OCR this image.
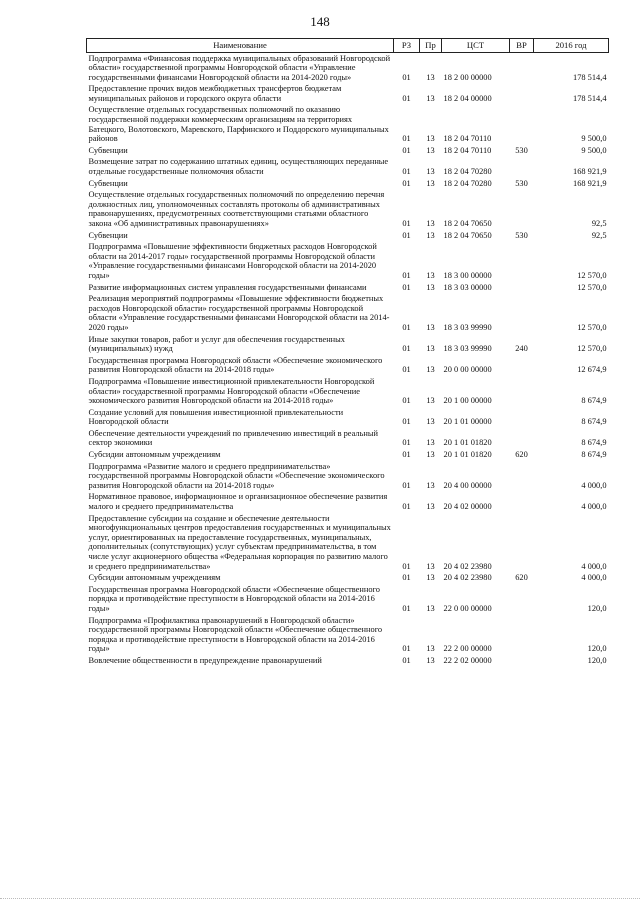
148
Наименование	РЗ	Пр	ЦСТ	ВР	2016 год
Подпрограмма «Финансовая поддержка муниципальных образований Новгородской области» государственной программы Новгородской области «Управление государственными финансами Новгородской области на 2014-2020 годы»	01	13	18 2 00 00000		178 514,4
Предоставление прочих видов межбюджетных трансфертов бюджетам муниципальных районов и городского округа области	01	13	18 2 04 00000		178 514,4
Осуществление отдельных государственных полномочий по оказанию государственной поддержки коммерческим организациям на территориях Батецкого, Волотовского, Маревского, Парфинского и Поддорского муниципальных районов	01	13	18 2 04 70110		9 500,0
Субвенции	01	13	18 2 04 70110	530	9 500,0
Возмещение затрат по содержанию штатных единиц, осуществляющих переданные отдельные государственные полномочия области	01	13	18 2 04 70280		168 921,9
Субвенции	01	13	18 2 04 70280	530	168 921,9
Осуществление отдельных государственных полномочий по определению перечня должностных лиц, уполномоченных составлять протоколы об административных правонарушениях, предусмотренных соответствующими статьями областного закона «Об административных правонарушениях»	01	13	18 2 04 70650		92,5
Субвенции	01	13	18 2 04 70650	530	92,5
Подпрограмма «Повышение эффективности бюджетных расходов Новгородской области на 2014-2017 годы» государственной программы Новгородской области «Управление государственными финансами Новгородской области на 2014-2020 годы»	01	13	18 3 00 00000		12 570,0
Развитие информационных систем управления государственными финансами	01	13	18 3 03 00000		12 570,0
Реализация мероприятий подпрограммы «Повышение эффективности бюджетных расходов Новгородской области» государственной программы Новгородской области «Управление государственными финансами Новгородской области на 2014-2020 годы»	01	13	18 3 03 99990		12 570,0
Иные закупки товаров, работ и услуг для обеспечения государственных (муниципальных) нужд	01	13	18 3 03 99990	240	12 570,0
Государственная программа Новгородской области «Обеспечение экономического развития Новгородской области на 2014-2018 годы»	01	13	20 0 00 00000		12 674,9
Подпрограмма «Повышение инвестиционной привлекательности Новгородской области» государственной программы Новгородской области «Обеспечение экономического развития Новгородской области на 2014-2018 годы»	01	13	20 1 00 00000		8 674,9
Создание условий для повышения инвестиционной привлекательности Новгородской области	01	13	20 1 01 00000		8 674,9
Обеспечение деятельности учреждений по привлечению инвестиций в реальный сектор экономики	01	13	20 1 01 01820		8 674,9
Субсидии автономным учреждениям	01	13	20 1 01 01820	620	8 674,9
Подпрограмма «Развитие малого и среднего предпринимательства» государственной программы Новгородской области «Обеспечение экономического развития Новгородской области на 2014-2018 годы»	01	13	20 4 00 00000		4 000,0
Нормативное правовое, информационное и организационное обеспечение развития малого и среднего предпринимательства	01	13	20 4 02 00000		4 000,0
Предоставление субсидии на создание и обеспечение деятельности многофункциональных центров предоставления государственных и муниципальных услуг, ориентированных на предоставление государственных, муниципальных, дополнительных (сопутствующих) услуг субъектам предпринимательства, в том числе услуг акционерного общества «Федеральная корпорация по развитию малого и среднего предпринимательства»	01	13	20 4 02 23980		4 000,0
Субсидии автономным учреждениям	01	13	20 4 02 23980	620	4 000,0
Государственная программа Новгородской области «Обеспечение общественного порядка и противодействие преступности в Новгородской области на 2014-2016 годы»	01	13	22 0 00 00000		120,0
Подпрограмма «Профилактика правонарушений в Новгородской области» государственной программы Новгородской области «Обеспечение общественного порядка и противодействие преступности в Новгородской области на 2014-2016 годы»	01	13	22 2 00 00000		120,0
Вовлечение общественности в предупреждение правонарушений	01	13	22 2 02 00000		120,0
